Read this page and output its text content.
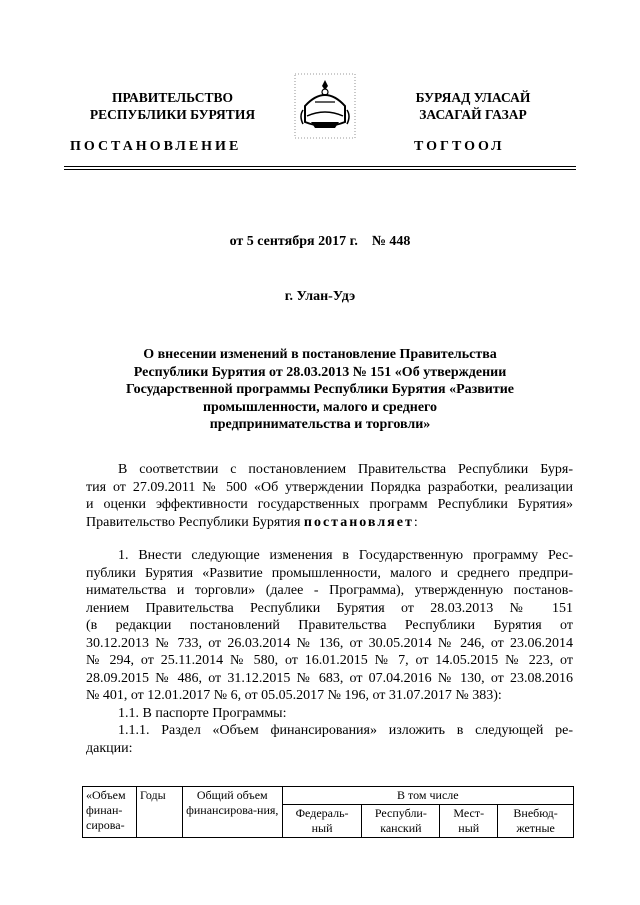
ПРАВИТЕЛЬСТВО
РЕСПУБЛИКИ БУРЯТИЯ
БУРЯАД УЛАСАЙ
ЗАСАГАЙ ГАЗАР
ПОСТАНОВЛЕНИЕ	ТОГТООЛ
от 5 сентября 2017 г.    № 448
г. Улан-Удэ
О внесении изменений в постановление Правительства
Республики Бурятия от 28.03.2013 № 151 «Об утверждении
Государственной программы Республики Бурятия «Развитие
промышленности, малого и среднего
предпринимательства и торговли»
В соответствии с постановлением Правительства Республики Буря-
тия от 27.09.2011 № 500 «Об утверждении Порядка разработки, реализации
и оценки эффективности государственных программ Республики Бурятия»
Правительство Республики Бурятия постановляет:
1. Внести следующие изменения в Государственную программу Рес-
публики Бурятия «Развитие промышленности, малого и среднего предпри-
нимательства и торговли» (далее - Программа), утвержденную постанов-
лением Правительства Республики Бурятия от 28.03.2013 № 151
(в редакции постановлений Правительства Республики Бурятия от
30.12.2013 № 733, от 26.03.2014 № 136, от 30.05.2014 № 246, от 23.06.2014
№ 294, от 25.11.2014 № 580, от 16.01.2015 № 7, от 14.05.2015 № 223, от
28.09.2015 № 486, от 31.12.2015 № 683, от 07.04.2016 № 130, от 23.08.2016
№ 401, от 12.01.2017 № 6, от 05.05.2017 № 196, от 31.07.2017 № 383):
1.1. В паспорте Программы:
1.1.1. Раздел «Объем финансирования» изложить в следующей ре-
дакции:
«Объем финан-сирова-	Годы	Общий объем финансирова-ния,	В том числе			
			Федераль-ный	Республи-канский	Мест-ный	Внебюд-жетные
